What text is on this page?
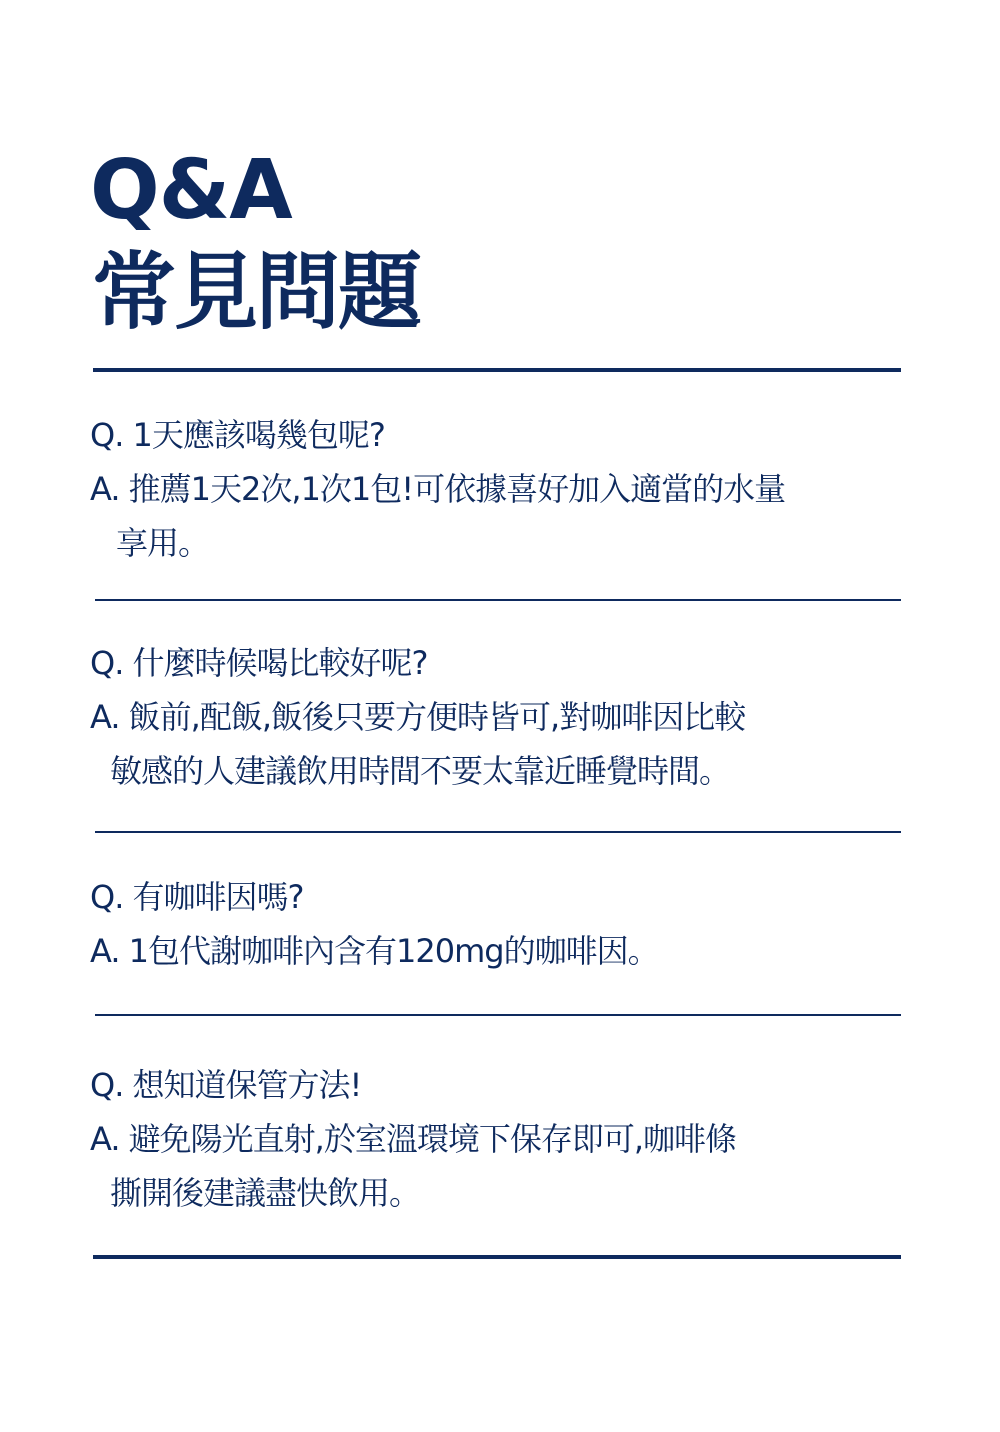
Q&A
常見問題
Q. 1天應該喝幾包呢?
A. 推薦1天2次,1次1包!可依據喜好加入適當的水量
享用。
Q. 什麼時候喝比較好呢?
A. 飯前,配飯,飯後只要方便時皆可,對咖啡因比較
敏感的人建議飲用時間不要太靠近睡覺時間。
Q. 有咖啡因嗎?
A. 1包代謝咖啡內含有120mg的咖啡因。
Q. 想知道保管方法!
A. 避免陽光直射,於室溫環境下保存即可,咖啡條
撕開後建議盡快飲用。
